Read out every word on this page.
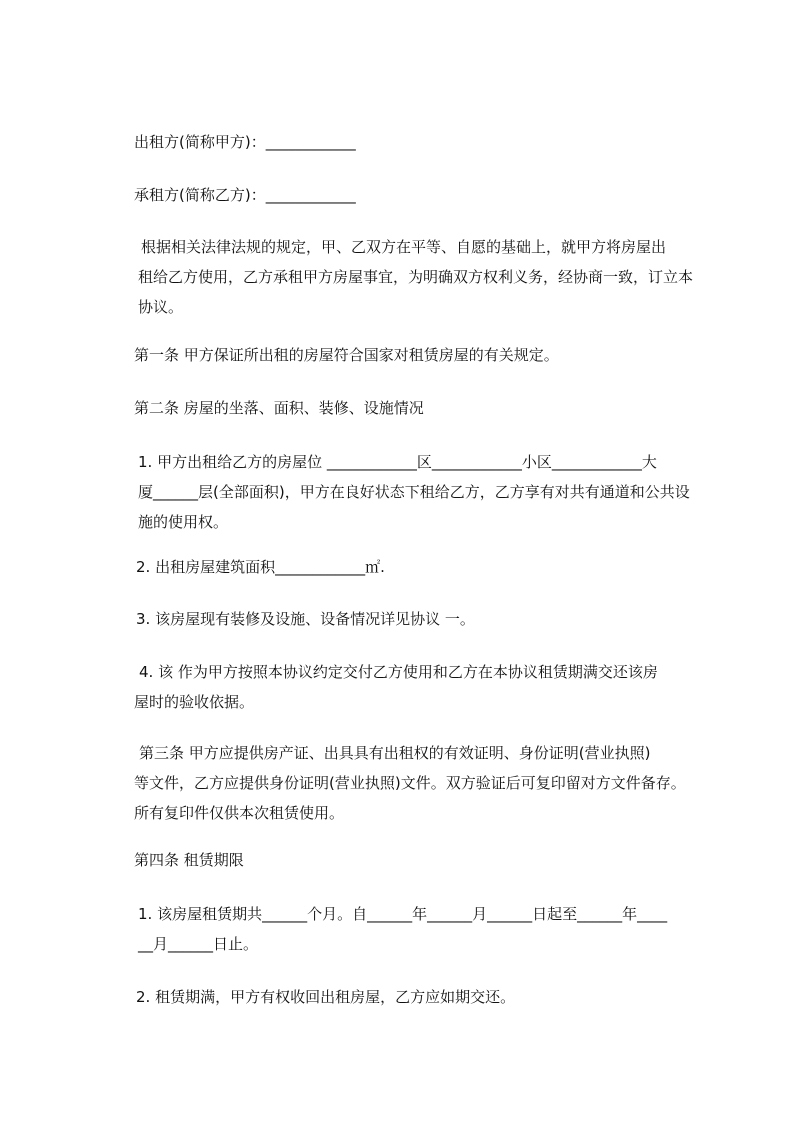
出租方(简称甲方)：____________

承租方(简称乙方)：____________

根据相关法律法规的规定，甲、乙双方在平等、自愿的基础上，就甲方将房屋出
租给乙方使用，乙方承租甲方房屋事宜，为明确双方权利义务，经协商一致，订立本
协议。

第一条 甲方保证所出租的房屋符合国家对租赁房屋的有关规定。

第二条 房屋的坐落、面积、装修、设施情况

1. 甲方出租给乙方的房屋位 ____________区____________小区____________大
厦______层(全部面积)，甲方在良好状态下租给乙方，乙方享有对共有通道和公共设
施的使用权。

2. 出租房屋建筑面积____________㎡.

3. 该房屋现有装修及设施、设备情况详见协议 一。

4. 该 作为甲方按照本协议约定交付乙方使用和乙方在本协议租赁期满交还该房
屋时的验收依据。
第三条 甲方应提供房产证、出具具有出租权的有效证明、身份证明(营业执照)
等文件，乙方应提供身份证明(营业执照)文件。双方验证后可复印留对方文件备存。
所有复印件仅供本次租赁使用。

第四条 租赁期限

1. 该房屋租赁期共______个月。自______年______月______日起至______年____
__月______日止。

2. 租赁期满，甲方有权收回出租房屋，乙方应如期交还。
